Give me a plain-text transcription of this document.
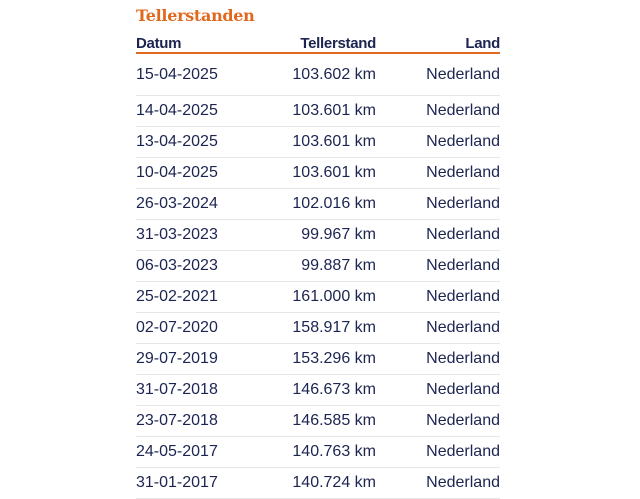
Tellerstanden
Datum	Tellerstand	Land
15-04-2025	103.602 km	Nederland
14-04-2025	103.601 km	Nederland
13-04-2025	103.601 km	Nederland
10-04-2025	103.601 km	Nederland
26-03-2024	102.016 km	Nederland
31-03-2023	99.967 km	Nederland
06-03-2023	99.887 km	Nederland
25-02-2021	161.000 km	Nederland
02-07-2020	158.917 km	Nederland
29-07-2019	153.296 km	Nederland
31-07-2018	146.673 km	Nederland
23-07-2018	146.585 km	Nederland
24-05-2017	140.763 km	Nederland
31-01-2017	140.724 km	Nederland
